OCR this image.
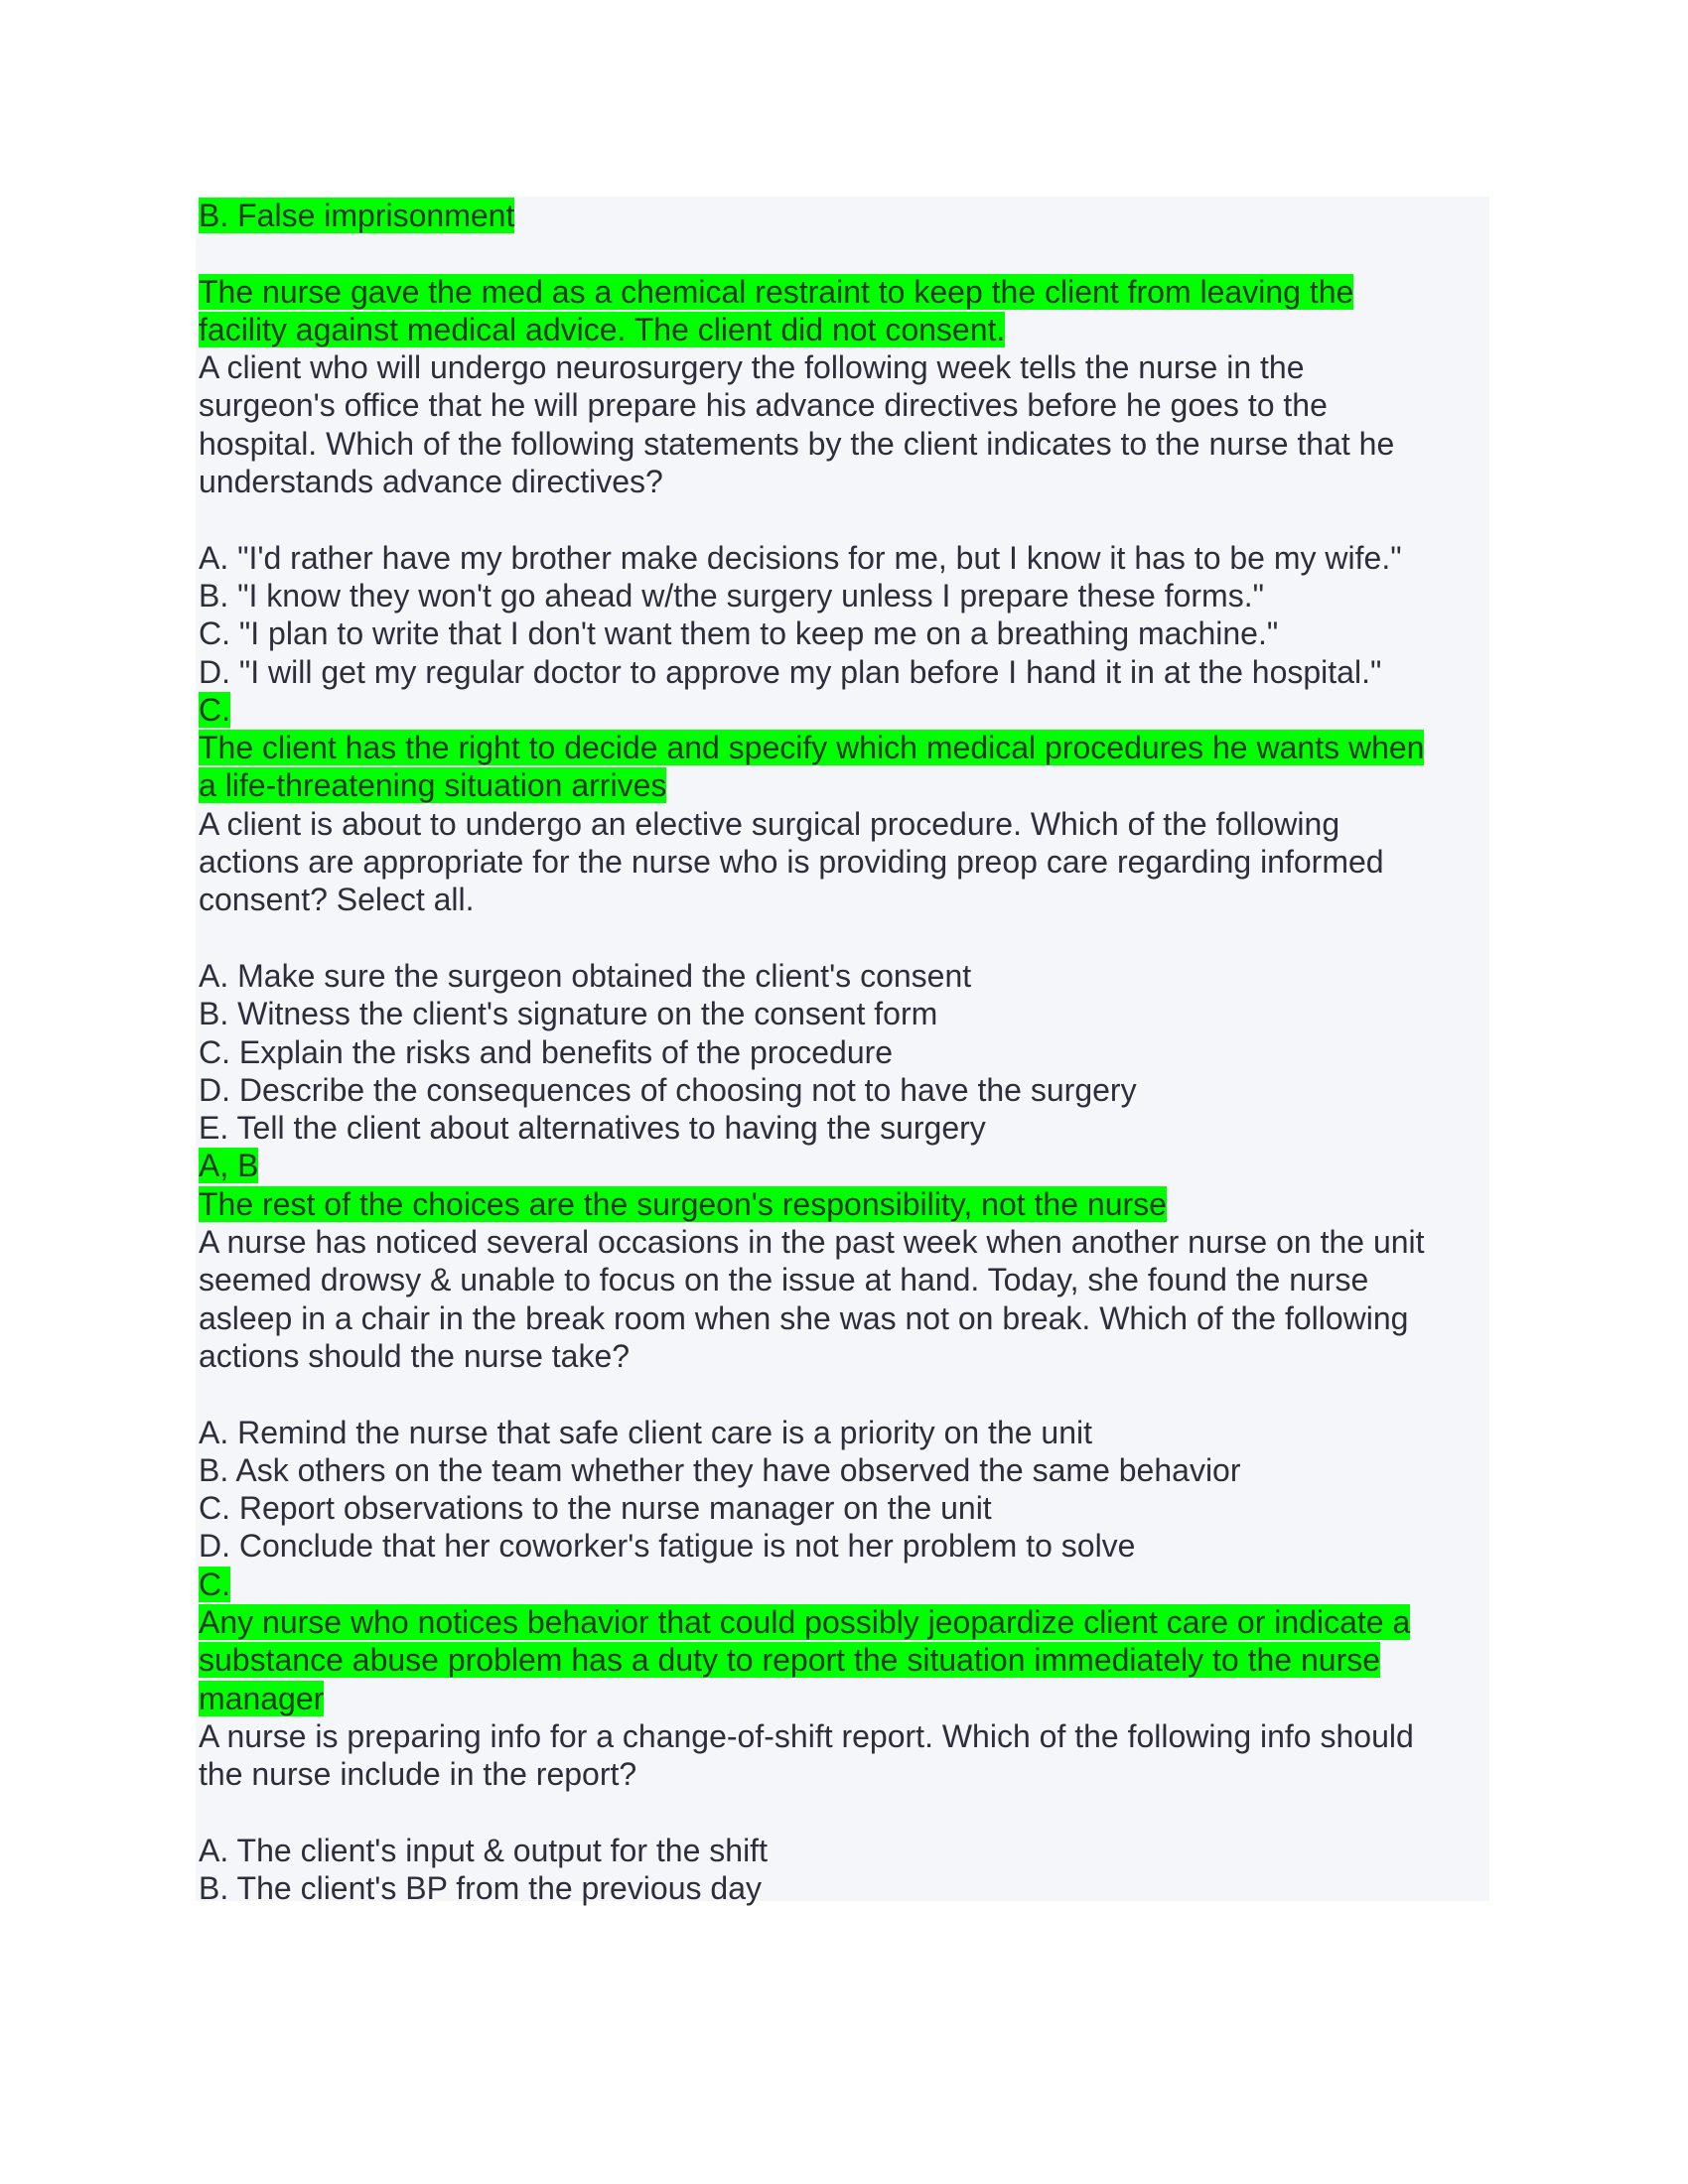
B. False imprisonment
The nurse gave the med as a chemical restraint to keep the client from leaving the
facility against medical advice. The client did not consent.
A client who will undergo neurosurgery the following week tells the nurse in the
surgeon's office that he will prepare his advance directives before he goes to the
hospital. Which of the following statements by the client indicates to the nurse that he
understands advance directives?
A. "I'd rather have my brother make decisions for me, but I know it has to be my wife."
B. "I know they won't go ahead w/the surgery unless I prepare these forms."
C. "I plan to write that I don't want them to keep me on a breathing machine."
D. "I will get my regular doctor to approve my plan before I hand it in at the hospital."
C.
The client has the right to decide and specify which medical procedures he wants when
a life-threatening situation arrives
A client is about to undergo an elective surgical procedure. Which of the following
actions are appropriate for the nurse who is providing preop care regarding informed
consent? Select all.
A. Make sure the surgeon obtained the client's consent
B. Witness the client's signature on the consent form
C. Explain the risks and benefits of the procedure
D. Describe the consequences of choosing not to have the surgery
E. Tell the client about alternatives to having the surgery
A, B
The rest of the choices are the surgeon's responsibility, not the nurse
A nurse has noticed several occasions in the past week when another nurse on the unit
seemed drowsy & unable to focus on the issue at hand. Today, she found the nurse
asleep in a chair in the break room when she was not on break. Which of the following
actions should the nurse take?
A. Remind the nurse that safe client care is a priority on the unit
B. Ask others on the team whether they have observed the same behavior
C. Report observations to the nurse manager on the unit
D. Conclude that her coworker's fatigue is not her problem to solve
C.
Any nurse who notices behavior that could possibly jeopardize client care or indicate a
substance abuse problem has a duty to report the situation immediately to the nurse
manager
A nurse is preparing info for a change-of-shift report. Which of the following info should
the nurse include in the report?
A. The client's input & output for the shift
B. The client's BP from the previous day
